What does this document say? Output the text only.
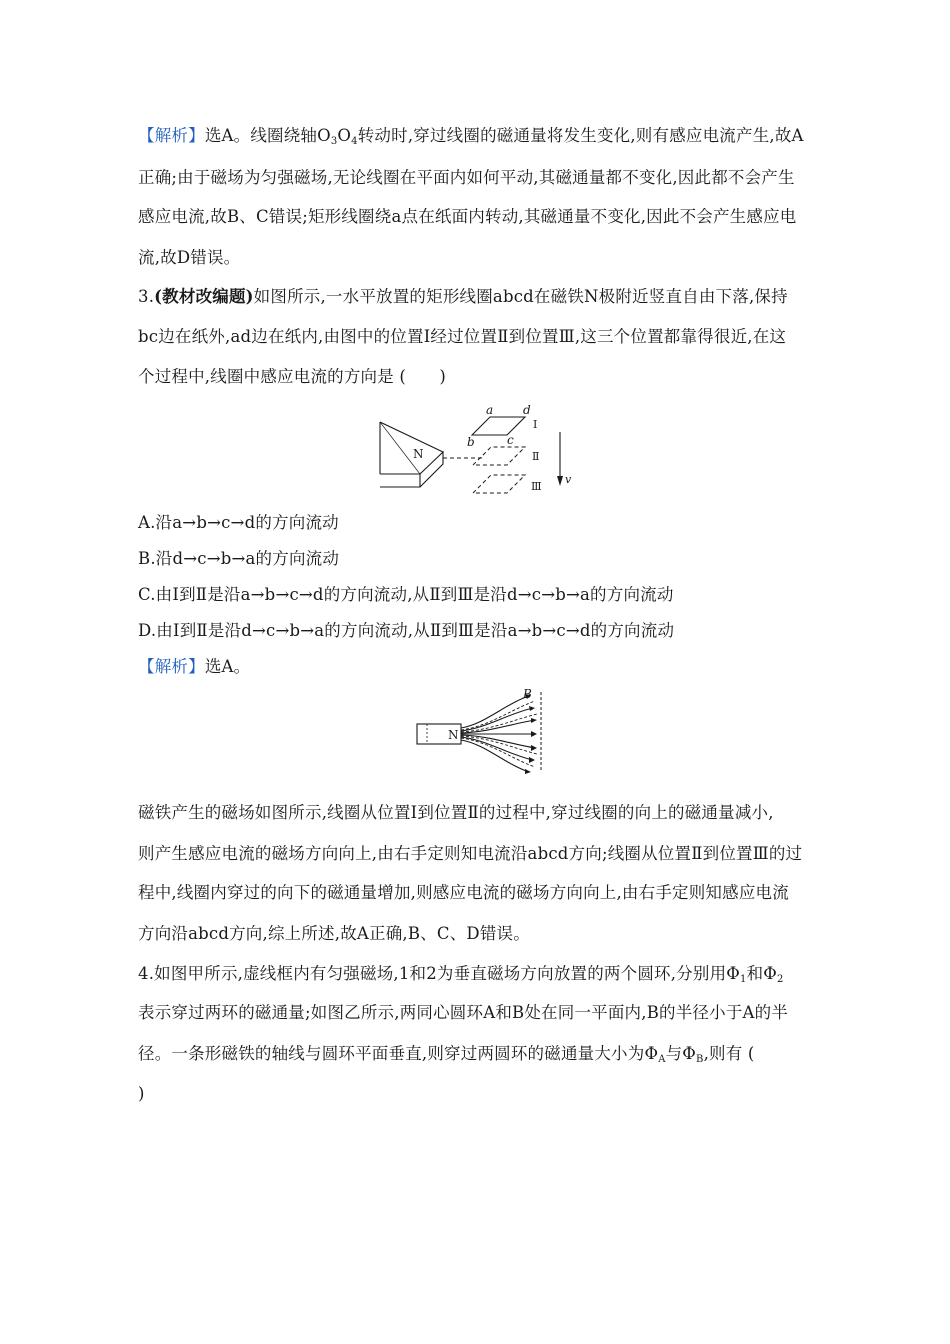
【解析】选A。线圈绕轴$O_3O_4$转动时,穿过线圈的磁通量将发生变化,则有感应电流产生,故A
正确;由于磁场为匀强磁场,无论线圈在平面内如何平动,其磁通量都不变化,因此都不会产生
感应电流,故B、C错误;矩形线圈绕a点在纸面内转动,其磁通量不变化,因此不会产生感应电
流,故D错误。
3.(教材改编题)如图所示,一水平放置的矩形线圈abcd在磁铁N极附近竖直自由下落,保持
bc边在纸外,ad边在纸内,由图中的位置Ⅰ经过位置Ⅱ到位置Ⅲ,这三个位置都靠得很近,在这
个过程中,线圈中感应电流的方向是 (　　)
N
a d
b	c
Ⅰ
Ⅱ
Ⅲ
v
A.沿a→b→c→d的方向流动
B.沿d→c→b→a的方向流动
C.由Ⅰ到Ⅱ是沿a→b→c→d的方向流动,从Ⅱ到Ⅲ是沿d→c→b→a的方向流动
D.由Ⅰ到Ⅱ是沿d→c→b→a的方向流动,从Ⅱ到Ⅲ是沿a→b→c→d的方向流动
【解析】选A。
N
B
磁铁产生的磁场如图所示,线圈从位置Ⅰ到位置Ⅱ的过程中,穿过线圈的向上的磁通量减小,
则产生感应电流的磁场方向向上,由右手定则知电流沿abcd方向;线圈从位置Ⅱ到位置Ⅲ的过
程中,线圈内穿过的向下的磁通量增加,则感应电流的磁场方向向上,由右手定则知感应电流
方向沿abcd方向,综上所述,故A正确,B、C、D错误。
4.如图甲所示,虚线框内有匀强磁场,1和2为垂直磁场方向放置的两个圆环,分别用$\Phi_1$和$\Phi_2$
表示穿过两环的磁通量;如图乙所示,两同心圆环A和B处在同一平面内,B的半径小于A的半
径。一条形磁铁的轴线与圆环平面垂直,则穿过两圆环的磁通量大小为$\Phi_A$与$\Phi_B$,则有 (
)
